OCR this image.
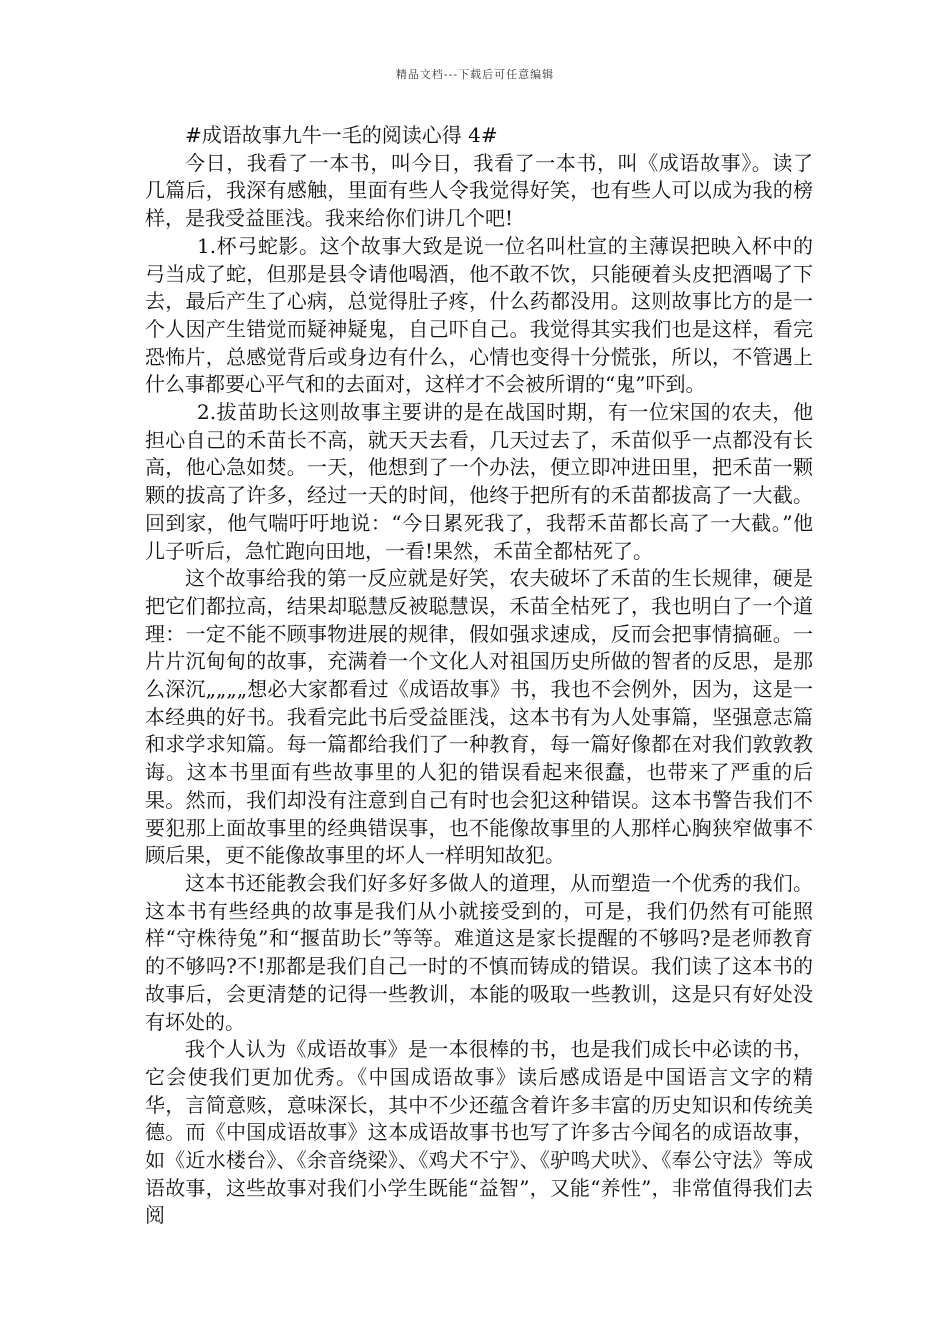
精品文档---下载后可任意编辑

#成语故事九牛一毛的阅读心得 4#

今日，我看了一本书，叫今日，我看了一本书，叫《成语故事》。读了几篇后，我深有感触，里面有些人令我觉得好笑，也有些人可以成为我的榜样，是我受益匪浅。我来给你们讲几个吧!

1.杯弓蛇影。这个故事大致是说一位名叫杜宣的主薄误把映入杯中的弓当成了蛇，但那是县令请他喝酒，他不敢不饮，只能硬着头皮把酒喝了下去，最后产生了心病，总觉得肚子疼，什么药都没用。这则故事比方的是一个人因产生错觉而疑神疑鬼，自己吓自己。我觉得其实我们也是这样，看完恐怖片，总感觉背后或身边有什么，心情也变得十分慌张，所以，不管遇上什么事都要心平气和的去面对，这样才不会被所谓的“鬼”吓到。

2.拔苗助长这则故事主要讲的是在战国时期，有一位宋国的农夫，他担心自己的禾苗长不高，就天天去看，几天过去了，禾苗似乎一点都没有长高，他心急如焚。一天，他想到了一个办法，便立即冲进田里，把禾苗一颗颗的拔高了许多，经过一天的时间，他终于把所有的禾苗都拔高了一大截。回到家，他气喘吁吁地说：“今日累死我了，我帮禾苗都长高了一大截。”他儿子听后，急忙跑向田地，一看!果然，禾苗全都枯死了。

这个故事给我的第一反应就是好笑，农夫破坏了禾苗的生长规律，硬是把它们都拉高，结果却聪慧反被聪慧误，禾苗全枯死了，我也明白了一个道理：一定不能不顾事物进展的规律，假如强求速成，反而会把事情搞砸。一片片沉甸甸的故事，充满着一个文化人对祖国历史所做的智者的反思，是那么深沉„„„„想必大家都看过《成语故事》书，我也不会例外，因为，这是一本经典的好书。我看完此书后受益匪浅，这本书有为人处事篇，坚强意志篇和求学求知篇。每一篇都给我们了一种教育，每一篇好像都在对我们敦敦教诲。这本书里面有些故事里的人犯的错误看起来很蠢，也带来了严重的后果。然而，我们却没有注意到自己有时也会犯这种错误。这本书警告我们不要犯那上面故事里的经典错误事，也不能像故事里的人那样心胸狭窄做事不顾后果，更不能像故事里的坏人一样明知故犯。

这本书还能教会我们好多好多做人的道理，从而塑造一个优秀的我们。这本书有些经典的故事是我们从小就接受到的，可是，我们仍然有可能照样“守株待兔”和“揠苗助长”等等。难道这是家长提醒的不够吗?是老师教育的不够吗?不!那都是我们自己一时的不慎而铸成的错误。我们读了这本书的故事后，会更清楚的记得一些教训，本能的吸取一些教训，这是只有好处没有坏处的。

我个人认为《成语故事》是一本很棒的书，也是我们成长中必读的书，它会使我们更加优秀。《中国成语故事》读后感成语是中国语言文字的精华，言简意赅，意味深长，其中不少还蕴含着许多丰富的历史知识和传统美德。而《中国成语故事》这本成语故事书也写了许多古今闻名的成语故事，如《近水楼台》、《余音绕梁》、《鸡犬不宁》、《驴鸣犬吠》、《奉公守法》等成语故事，这些故事对我们小学生既能“益智”，又能“养性”，非常值得我们去阅
